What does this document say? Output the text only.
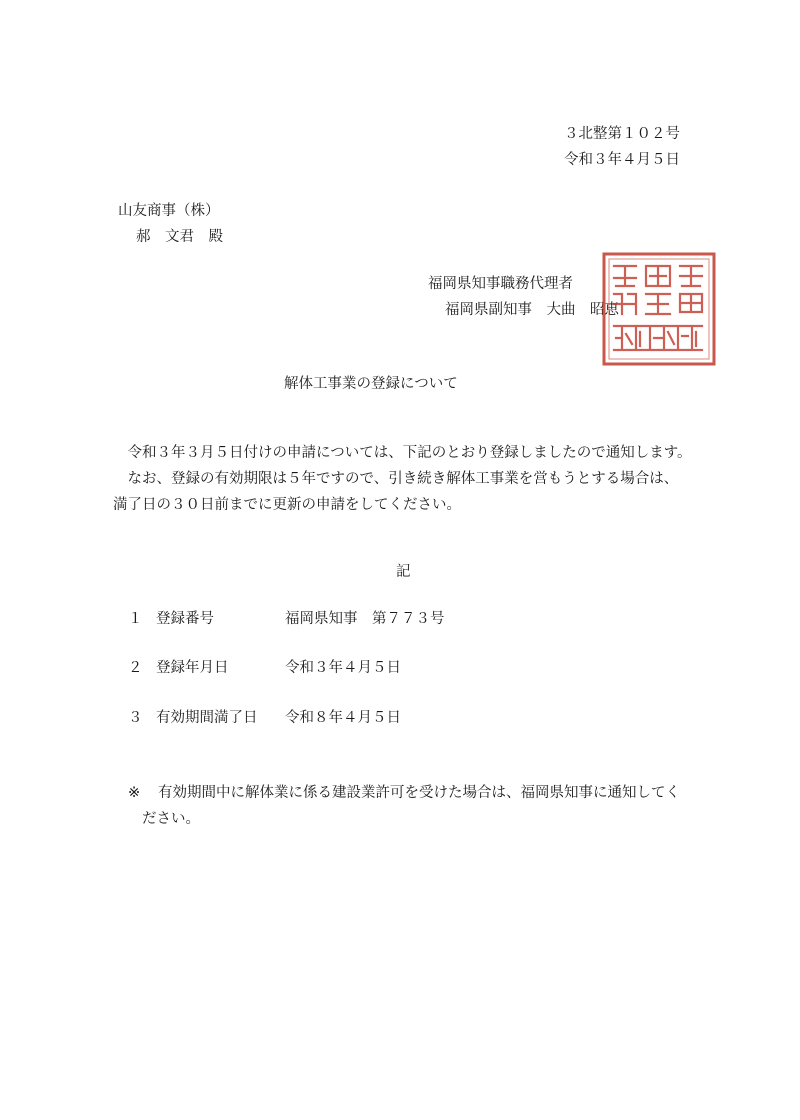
３北整第１０２号
令和３年４月５日
山友商事（株）
郝　文君　殿
福岡県知事職務代理者
福岡県副知事　大曲　昭恵
解体工事業の登録について
　令和３年３月５日付けの申請については、下記のとおり登録しましたので通知します。
　なお、登録の有効期限は５年ですので、引き続き解体工事業を営もうとする場合は、
満了日の３０日前までに更新の申請をしてください。
記
１ 登録番号	福岡県知事　第７７３号
２ 登録年月日	令和３年４月５日
３ 有効期間満了日 令和８年４月５日
※ 有効期間中に解体業に係る建設業許可を受けた場合は、福岡県知事に通知してく
ださい。
